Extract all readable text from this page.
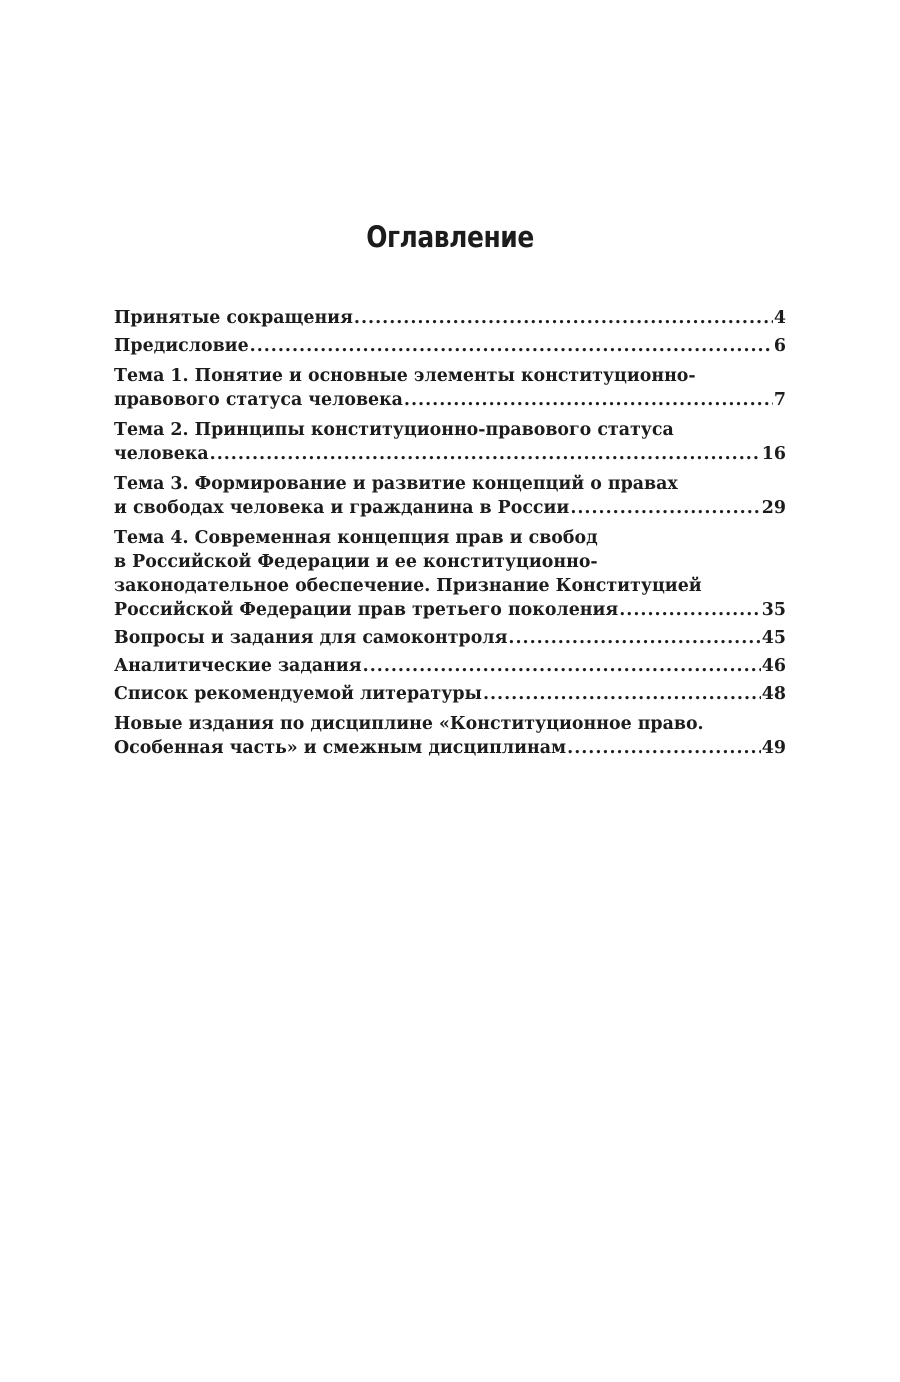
Оглавление
Принятые сокращения .....	4
Предисловие .....	6
Тема 1. Понятие и основные элементы конституционно-
правового статуса человека .....	7
Тема 2. Принципы конституционно-правового статуса
человека .....	16
Тема 3. Формирование и развитие концепций о правах
и свободах человека и гражданина в России .....	29
Тема 4. Современная концепция прав и свобод
в Российской Федерации и ее конституционно-
законодательное обеспечение. Признание Конституцией
Российской Федерации прав третьего поколения .....	35
Вопросы и задания для самоконтроля .....	45
Аналитические задания .....	46
Список рекомендуемой литературы .....	48
Новые издания по дисциплине «Конституционное право.
Особенная часть» и смежным дисциплинам .....	49
